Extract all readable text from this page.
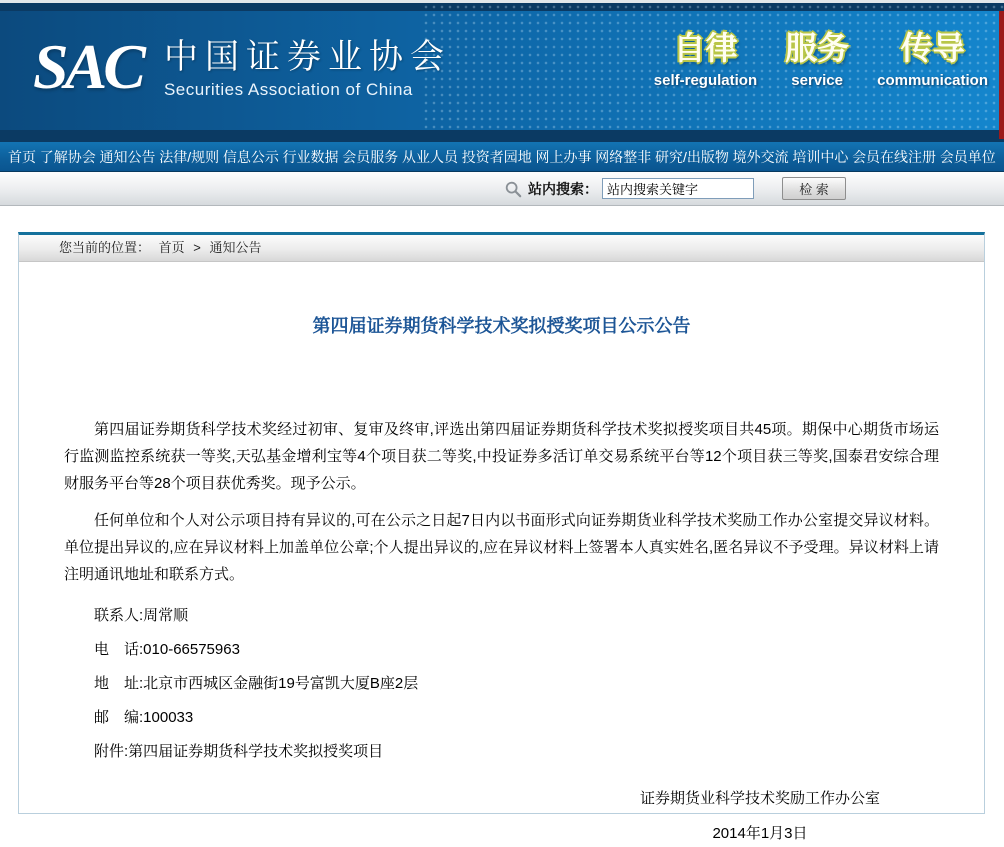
SAC 中国证券业协会
Securities Association of China
自律
self-regulation
服务
service
传导
communication
首页 了解协会 通知公告 法律/规则 信息公示 行业数据 会员服务 从业人员 投资者园地 网上办事 网络整非 研究/出版物 境外交流 培训中心 会员在线注册 会员单位
站内搜索：
站内搜索关键字	检 索
您当前的位置： 首页 > 通知公告
第四届证券期货科学技术奖拟授奖项目公示公告

第四届证券期货科学技术奖经过初审、复审及终审,评选出第四届证券期货科学技术奖拟授奖项目共45项。期保中心期货市场运行监测监控系统获一等奖,天弘基金增利宝等4个项目获二等奖,中投证券多活订单交易系统平台等12个项目获三等奖,国泰君安综合理财服务平台等28个项目获优秀奖。现予公示。

任何单位和个人对公示项目持有异议的,可在公示之日起7日内以书面形式向证券期货业科学技术奖励工作办公室提交异议材料。单位提出异议的,应在异议材料上加盖单位公章;个人提出异议的,应在异议材料上签署本人真实姓名,匿名异议不予受理。异议材料上请注明通讯地址和联系方式。

联系人:周常顺

电　话:010-66575963

地　址:北京市西城区金融街19号富凯大厦B座2层

邮　编:100033

附件:第四届证券期货科学技术奖拟授奖项目

证券期货业科学技术奖励工作办公室
2014年1月3日
